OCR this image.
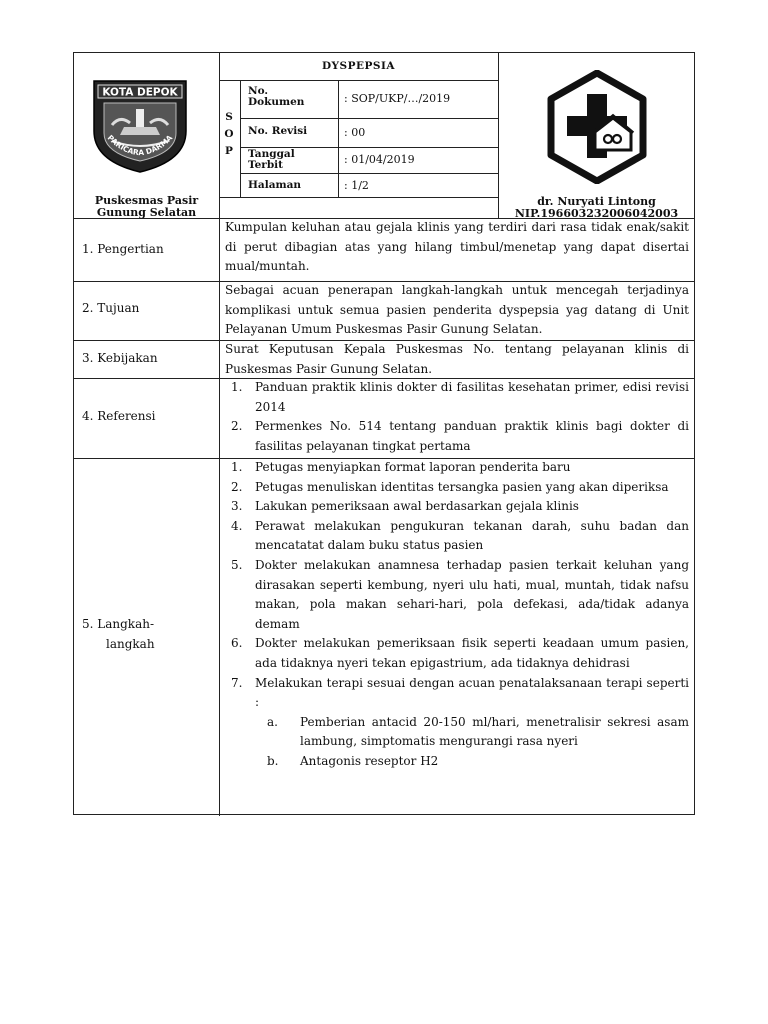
KOTA DEPOK
PARICARA DARMA
DYSPEPSIA
S
O
P
No. Dokumen	: SOP/UKP/…/2019
No. Revisi	: 00
Tanggal Terbit	: 01/04/2019
Halaman	: 1/2
Puskesmas Pasir Gunung Selatan
dr. Nuryati Lintong
NIP.196603232006042003
1. Pengertian
Kumpulan keluhan atau gejala klinis yang terdiri dari rasa tidak enak/sakit di perut dibagian atas yang hilang timbul/menetap yang dapat disertai mual/muntah.
2. Tujuan
Sebagai acuan penerapan langkah-langkah untuk mencegah terjadinya komplikasi untuk semua pasien penderita dyspepsia yag datang di Unit Pelayanan Umum Puskesmas Pasir Gunung Selatan.
3. Kebijakan
Surat Keputusan Kepala Puskesmas No. tentang pelayanan klinis di Puskesmas Pasir Gunung Selatan.
4. Referensi
1. Panduan praktik klinis dokter di fasilitas kesehatan primer, edisi revisi 2014
2. Permenkes No. 514 tentang panduan praktik klinis bagi dokter di fasilitas pelayanan tingkat pertama
5. Langkah-
langkah
1. Petugas menyiapkan format laporan penderita baru
2. Petugas menuliskan identitas tersangka pasien yang akan diperiksa
3. Lakukan pemeriksaan awal berdasarkan gejala klinis
4. Perawat melakukan pengukuran tekanan darah, suhu badan dan mencatatat dalam buku status pasien
5. Dokter melakukan anamnesa terhadap pasien terkait keluhan yang dirasakan seperti kembung, nyeri ulu hati, mual, muntah, tidak nafsu makan, pola makan sehari-hari, pola defekasi, ada/tidak adanya demam
6. Dokter melakukan pemeriksaan fisik seperti keadaan umum pasien, ada tidaknya nyeri tekan epigastrium, ada tidaknya dehidrasi
7. Melakukan terapi sesuai dengan acuan penatalaksanaan terapi seperti :
a. Pemberian antacid 20-150 ml/hari, menetralisir sekresi asam lambung, simptomatis mengurangi rasa nyeri
b. Antagonis reseptor H2
